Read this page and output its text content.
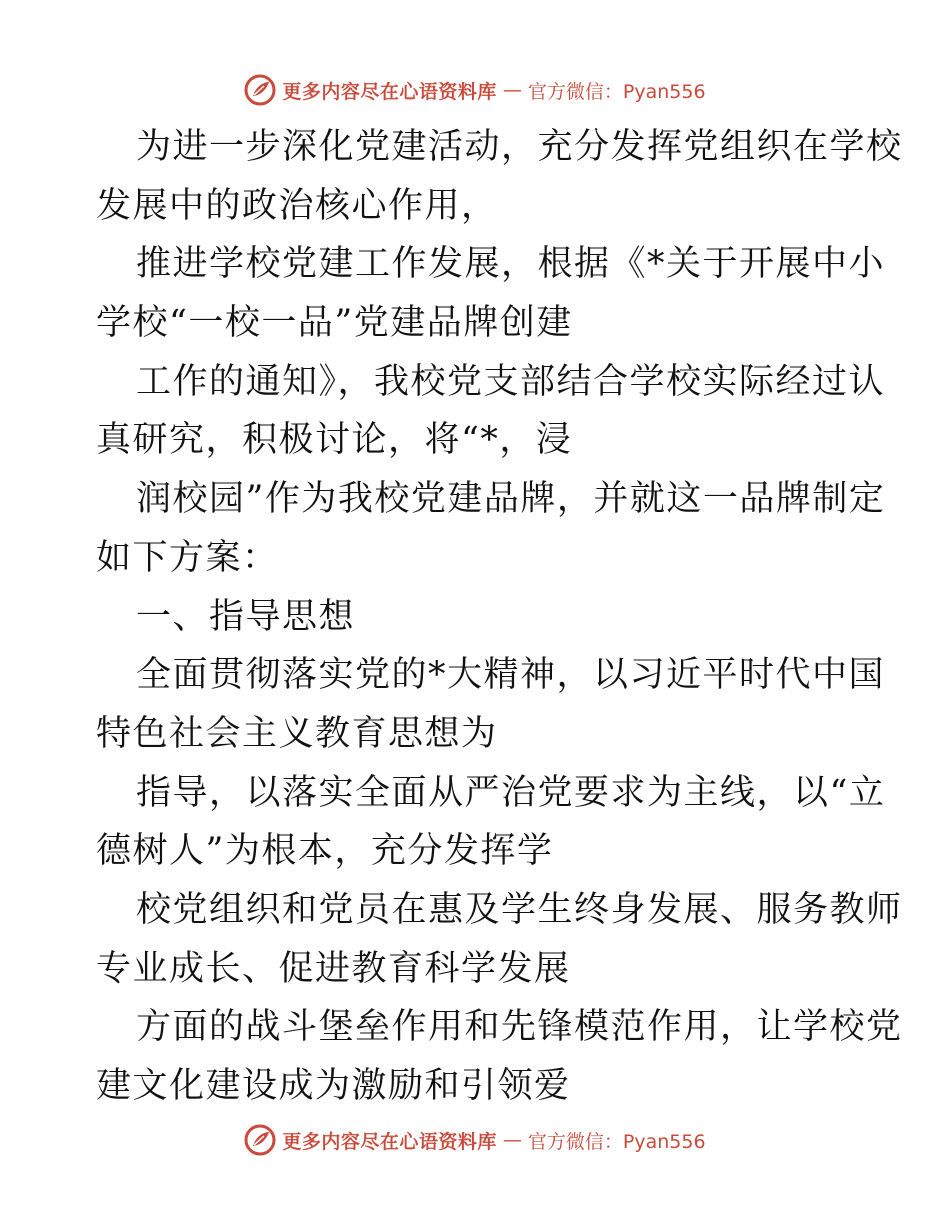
更多内容尽在心语资料库 — 官方微信：Pyan556
为进一步深化党建活动，充分发挥党组织在学校
发展中的政治核心作用，
推进学校党建工作发展，根据《*关于开展中小
学校“一校一品”党建品牌创建
工作的通知》，我校党支部结合学校实际经过认
真研究，积极讨论，将“*，浸
润校园”作为我校党建品牌，并就这一品牌制定
如下方案：
一、指导思想
全面贯彻落实党的*大精神，以习近平时代中国
特色社会主义教育思想为
指导，以落实全面从严治党要求为主线，以“立
德树人”为根本，充分发挥学
校党组织和党员在惠及学生终身发展、服务教师
专业成长、促进教育科学发展
方面的战斗堡垒作用和先锋模范作用，让学校党
建文化建设成为激励和引领爱
更多内容尽在心语资料库 — 官方微信：Pyan556
